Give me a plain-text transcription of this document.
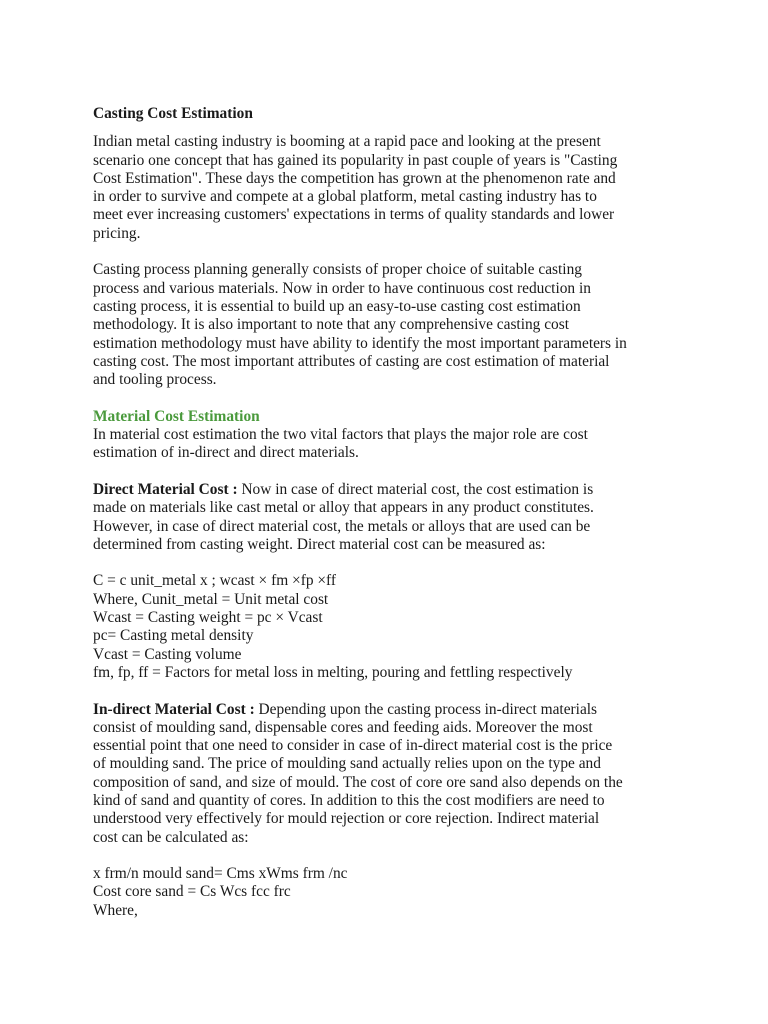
Casting Cost Estimation

Indian metal casting industry is booming at a rapid pace and looking at the present
scenario one concept that has gained its popularity in past couple of years is "Casting
Cost Estimation". These days the competition has grown at the phenomenon rate and
in order to survive and compete at a global platform, metal casting industry has to
meet ever increasing customers' expectations in terms of quality standards and lower
pricing.

Casting process planning generally consists of proper choice of suitable casting
process and various materials. Now in order to have continuous cost reduction in
casting process, it is essential to build up an easy-to-use casting cost estimation
methodology. It is also important to note that any comprehensive casting cost
estimation methodology must have ability to identify the most important parameters in
casting cost. The most important attributes of casting are cost estimation of material
and tooling process.

Material Cost Estimation
In material cost estimation the two vital factors that plays the major role are cost
estimation of in-direct and direct materials.

Direct Material Cost : Now in case of direct material cost, the cost estimation is
made on materials like cast metal or alloy that appears in any product constitutes.
However, in case of direct material cost, the metals or alloys that are used can be
determined from casting weight. Direct material cost can be measured as:

C = c unit_metal x ; wcast × fm ×fp ×ff
Where, Cunit_metal = Unit metal cost
Wcast = Casting weight = pc × Vcast
pc= Casting metal density
Vcast = Casting volume
fm, fp, ff = Factors for metal loss in melting, pouring and fettling respectively

In-direct Material Cost : Depending upon the casting process in-direct materials
consist of moulding sand, dispensable cores and feeding aids. Moreover the most
essential point that one need to consider in case of in-direct material cost is the price
of moulding sand. The price of moulding sand actually relies upon on the type and
composition of sand, and size of mould. The cost of core ore sand also depends on the
kind of sand and quantity of cores. In addition to this the cost modifiers are need to
understood very effectively for mould rejection or core rejection. Indirect material
cost can be calculated as:

x frm/n mould sand= Cms xWms frm /nc
Cost core sand = Cs Wcs fcc frc
Where,
